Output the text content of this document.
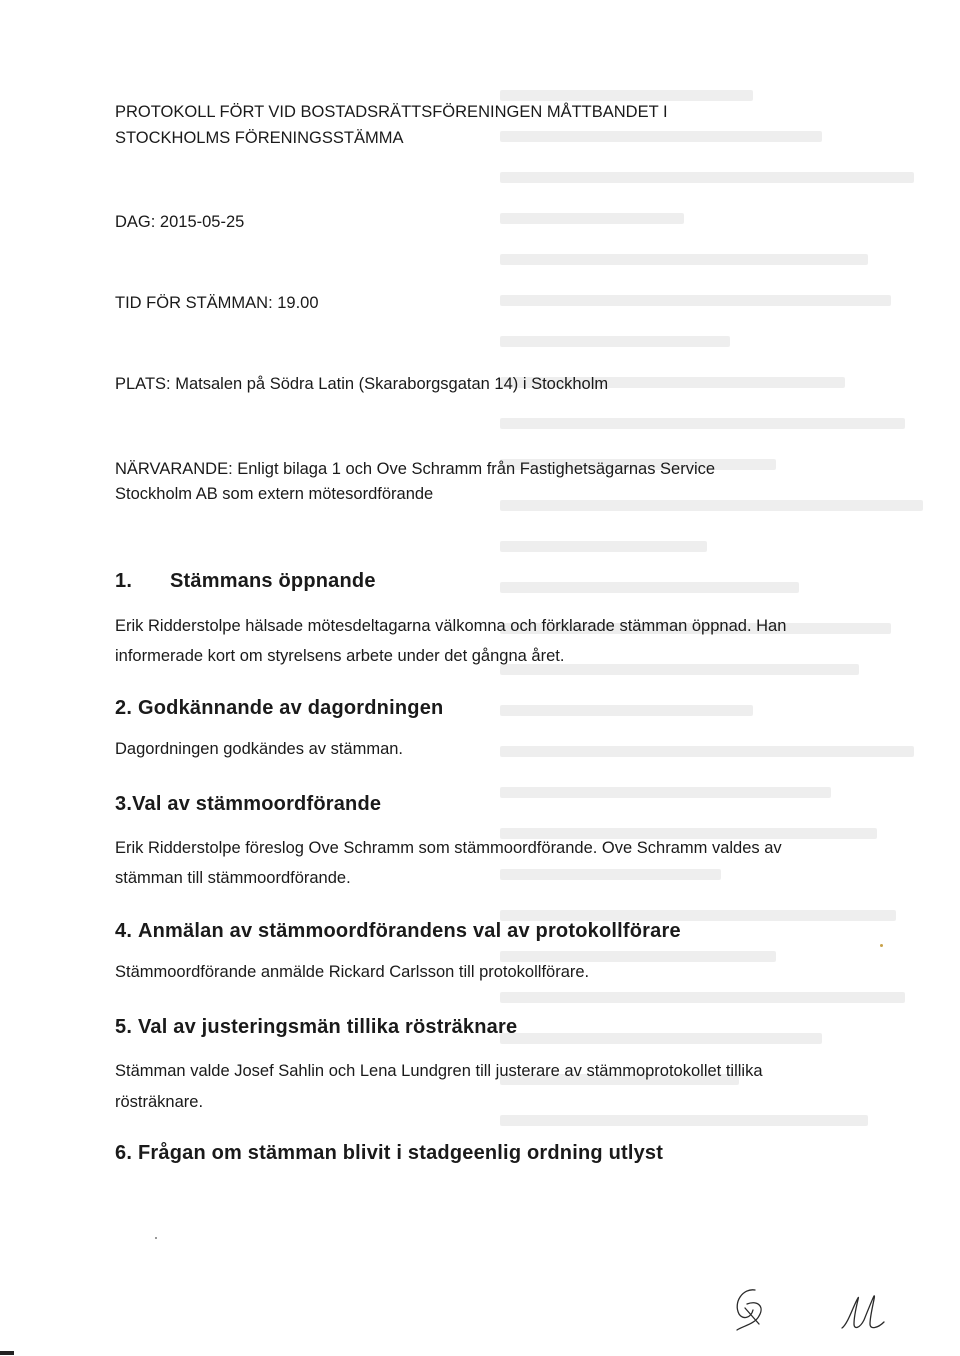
PROTOKOLL FÖRT VID BOSTADSRÄTTSFÖRENINGEN MÅTTBANDET I

STOCKHOLMS FÖRENINGSSTÄMMA

DAG: 2015-05-25

TID FÖR STÄMMAN: 19.00

PLATS: Matsalen på Södra Latin (Skaraborgsgatan 14) i Stockholm

NÄRVARANDE: Enligt bilaga 1 och Ove Schramm från Fastighetsägarnas Service

Stockholm AB som extern mötesordförande

1. Stämmans öppnande

Erik Ridderstolpe hälsade mötesdeltagarna välkomna och förklarade stämman öppnad. Han

informerade kort om styrelsens arbete under det gångna året.

2. Godkännande av dagordningen

Dagordningen godkändes av stämman.

3.Val av stämmoordförande

Erik Ridderstolpe föreslog Ove Schramm som stämmoordförande. Ove Schramm valdes av

stämman till stämmoordförande.

4. Anmälan av stämmoordförandens val av protokollförare

Stämmoordförande anmälde Rickard Carlsson till protokollförare.

5. Val av justeringsmän tillika rösträknare

Stämman valde Josef Sahlin och Lena Lundgren till justerare av stämmoprotokollet tillika

rösträknare.

6. Frågan om stämman blivit i stadgeenlig ordning utlyst
